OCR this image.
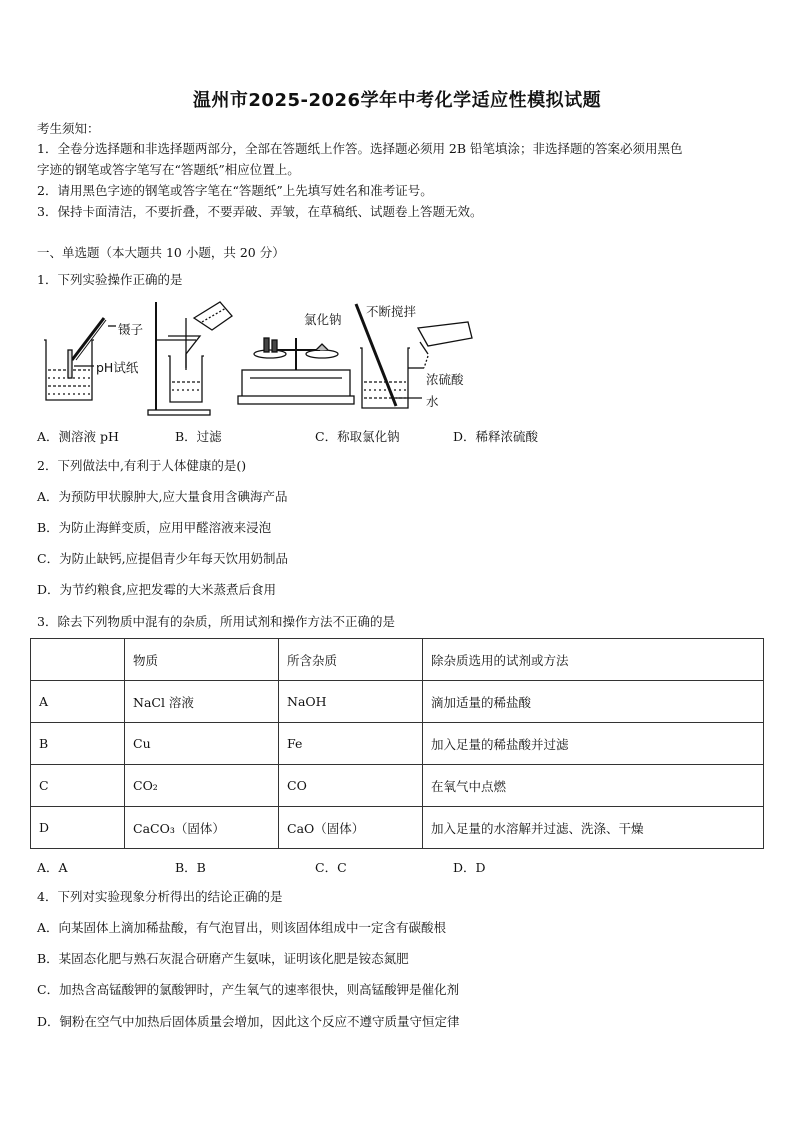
温州市2025-2026学年中考化学适应性模拟试题
考生须知：
1．全卷分选择题和非选择题两部分，全部在答题纸上作答。选择题必须用 2B 铅笔填涂；非选择题的答案必须用黑色
字迹的钢笔或答字笔写在“答题纸”相应位置上。
2．请用黑色字迹的钢笔或答字笔在“答题纸”上先填写姓名和准考证号。
3．保持卡面清洁，不要折叠，不要弄破、弄皱，在草稿纸、试题卷上答题无效。
一、单选题（本大题共 10 小题，共 20 分）
1．下列实验操作正确的是
镊子
pH试纸
氯化钠
不断搅拌
浓硫酸
水
A．测溶液 pH	B．过滤	C．称取氯化钠	D．稀释浓硫酸
2．下列做法中,有利于人体健康的是()
A．为预防甲状腺肿大,应大量食用含碘海产品
B．为防止海鲜变质，应用甲醛溶液来浸泡
C．为防止缺钙,应提倡青少年每天饮用奶制品
D．为节约粮食,应把发霉的大米蒸煮后食用
3．除去下列物质中混有的杂质，所用试剂和操作方法不正确的是
	物质	所含杂质	除杂质选用的试剂或方法
A	NaCl 溶液	NaOH	滴加适量的稀盐酸
B	Cu	Fe	加入足量的稀盐酸并过滤
C	CO₂	CO	在氧气中点燃
D	CaCO₃（固体）	CaO（固体）	加入足量的水溶解并过滤、洗涤、干燥
A．A	B．B	C．C	D．D
4．下列对实验现象分析得出的结论正确的是
A．向某固体上滴加稀盐酸，有气泡冒出，则该固体组成中一定含有碳酸根
B．某固态化肥与熟石灰混合研磨产生氨味，证明该化肥是铵态氮肥
C．加热含高锰酸钾的氯酸钾时，产生氧气的速率很快，则高锰酸钾是催化剂
D．铜粉在空气中加热后固体质量会增加，因此这个反应不遵守质量守恒定律
